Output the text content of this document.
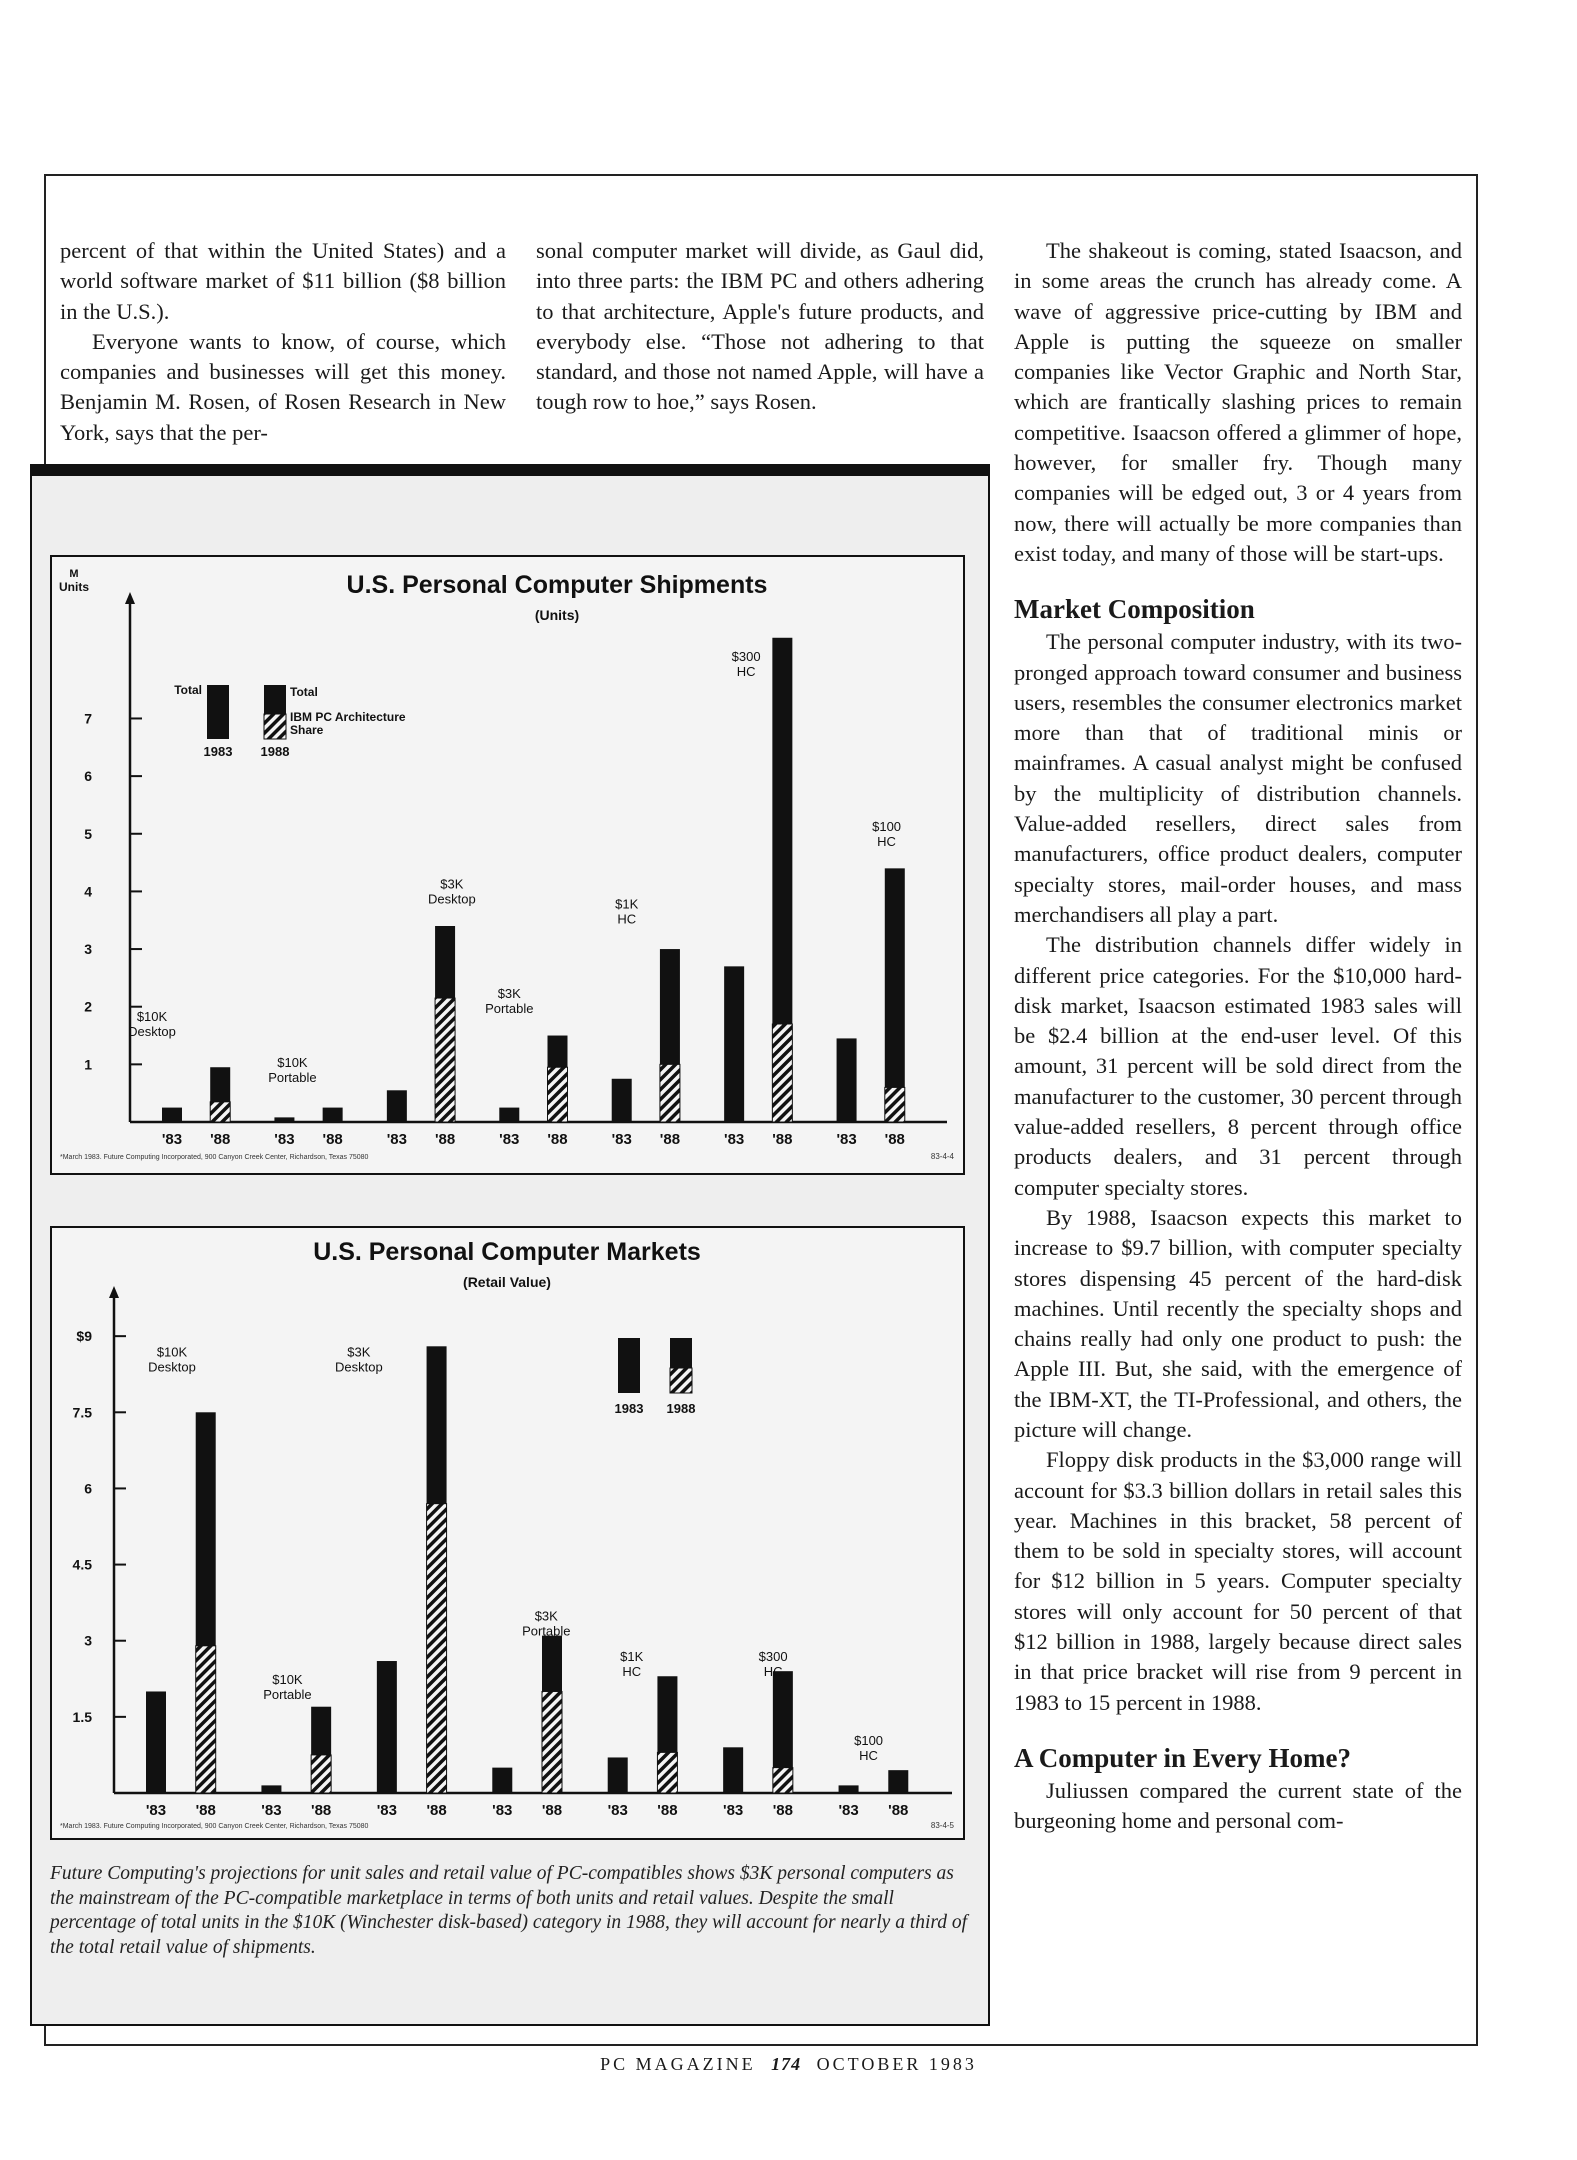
percent of that within the United States) and a world software market of $11 billion ($8 billion in the U.S.).

Everyone wants to know, of course, which companies and businesses will get this money. Benjamin M. Rosen, of Rosen Research in New York, says that the per-

sonal computer market will divide, as Gaul did, into three parts: the IBM PC and others adhering to that architecture, Apple's future products, and everybody else. “Those not adhering to that standard, and those not named Apple, will have a tough row to hoe,” says Rosen.

The shakeout is coming, stated Isaacson, and in some areas the crunch has already come. A wave of aggressive price-cutting by IBM and Apple is putting the squeeze on smaller companies like Vector Graphic and North Star, which are frantically slashing prices to remain competitive. Isaacson offered a glimmer of hope, however, for smaller fry. Though many companies will be edged out, 3 or 4 years from now, there will actually be more companies than exist today, and many of those will be start-ups.

Market Composition

The personal computer industry, with its two-pronged approach toward consumer and business users, resembles the consumer electronics market more than that of traditional minis or mainframes. A casual analyst might be confused by the multiplicity of distribution channels. Value-added resellers, direct sales from manufacturers, office product dealers, computer specialty stores, mail-order houses, and mass merchandisers all play a part.

The distribution channels differ widely in different price categories. For the $10,000 hard-disk market, Isaacson estimated 1983 sales will be $2.4 billion at the end-user level. Of this amount, 31 percent will be sold direct from the manufacturer to the customer, 30 percent through value-added resellers, 8 percent through office products dealers, and 31 percent through computer specialty stores.

By 1988, Isaacson expects this market to increase to $9.7 billion, with computer specialty stores dispensing 45 percent of the hard-disk machines. Until recently the specialty shops and chains really had only one product to push: the Apple III. But, she said, with the emergence of the IBM-XT, the TI-Professional, and others, the picture will change.

Floppy disk products in the $3,000 range will account for $3.3 billion dollars in retail sales this year. Machines in this bracket, 58 percent of them to be sold in specialty stores, will account for $12 billion in 5 years. Computer specialty stores will only account for 50 percent of that $12 billion in 1988, largely because direct sales in that price bracket will rise from 9 percent in 1983 to 15 percent in 1988.

A Computer in Every Home?

Juliussen compared the current state of the burgeoning home and personal com-

U.S. Personal Computer Shipments
(Units)
1
2
3
4
5
6
7
'83 '88
$10K
Desktop
'83 '88
$10K
Portable
'83 '88
$3K
Desktop
'83 '88
$3K
Portable
'83 '88
$1K
HC
'83 '88
$300
HC
'83 '88
$100
HC
*March 1983. Future Computing Incorporated, 900 Canyon Creek Center, Richardson, Texas 75080	83-4-4
M
Units
Total	Total
IBM PC Architecture
Share
1983 1988
U.S. Personal Computer Markets
(Retail Value)
1.5
3
4.5
6
7.5
$9
'83 '88
$10K
Desktop
'83 '88
$10K
Portable
'83 '88
$3K
Desktop
'83 '88
$3K
Portable
'83 '88
$1K
HC
'83 '88
$300
HC
'83 '88
$100
HC
*March 1983. Future Computing Incorporated, 900 Canyon Creek Center, Richardson, Texas 75080	83-4-5
1983 1988
Future Computing's projections for unit sales and retail value of PC-compatibles shows $3K personal computers as the mainstream of the PC-compatible marketplace in terms of both units and retail values. Despite the small percentage of total units in the $10K (Winchester disk-based) category in 1988, they will account for nearly a third of the total retail value of shipments.
PC MAGAZINE 174 OCTOBER 1983
